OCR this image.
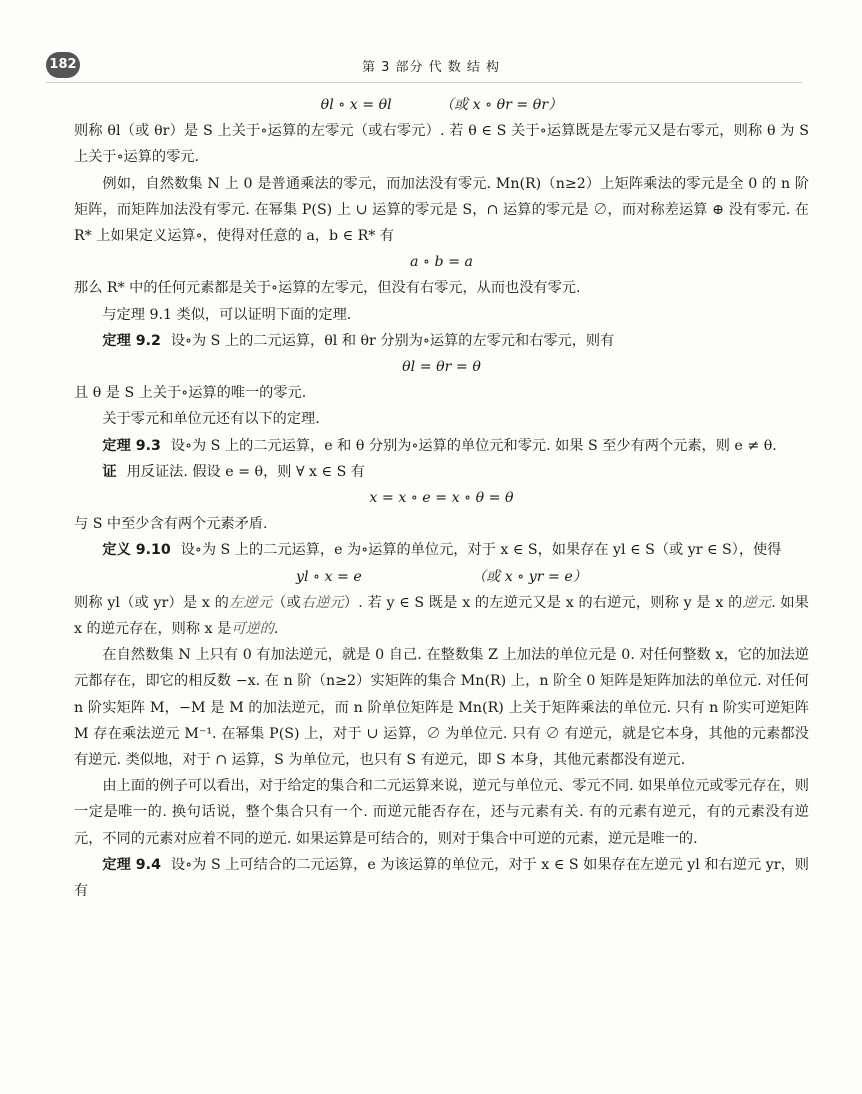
182	第 3 部分 代 数 结 构

θl ∘ x = θl	（或 x ∘ θr = θr）

则称 θl（或 θr）是 S 上关于∘运算的左零元（或右零元）. 若 θ ∈ S 关于∘运算既是左零元又是右零元，则称 θ 为 S 上关于∘运算的零元.

例如，自然数集 N 上 0 是普通乘法的零元，而加法没有零元. Mn(R)（n≥2）上矩阵乘法的零元是全 0 的 n 阶矩阵，而矩阵加法没有零元. 在幂集 P(S) 上 ∪ 运算的零元是 S，∩ 运算的零元是 ∅，而对称差运算 ⊕ 没有零元. 在 R* 上如果定义运算∘，使得对任意的 a，b ∈ R* 有

a ∘ b = a

那么 R* 中的任何元素都是关于∘运算的左零元，但没有右零元，从而也没有零元.

与定理 9.1 类似，可以证明下面的定理.

定理 9.2 设∘为 S 上的二元运算，θl 和 θr 分别为∘运算的左零元和右零元，则有

θl = θr = θ

且 θ 是 S 上关于∘运算的唯一的零元.

关于零元和单位元还有以下的定理.

定理 9.3 设∘为 S 上的二元运算，e 和 θ 分别为∘运算的单位元和零元. 如果 S 至少有两个元素，则 e ≠ θ.

证 用反证法. 假设 e = θ，则 ∀ x ∈ S 有

x = x ∘ e = x ∘ θ = θ

与 S 中至少含有两个元素矛盾.

定义 9.10 设∘为 S 上的二元运算，e 为∘运算的单位元，对于 x ∈ S，如果存在 yl ∈ S（或 yr ∈ S），使得

yl ∘ x = e	（或 x ∘ yr = e）

则称 yl（或 yr）是 x 的左逆元（或右逆元）. 若 y ∈ S 既是 x 的左逆元又是 x 的右逆元，则称 y 是 x 的逆元. 如果 x 的逆元存在，则称 x 是可逆的.

在自然数集 N 上只有 0 有加法逆元，就是 0 自己. 在整数集 Z 上加法的单位元是 0. 对任何整数 x，它的加法逆元都存在，即它的相反数 −x. 在 n 阶（n≥2）实矩阵的集合 Mn(R) 上，n 阶全 0 矩阵是矩阵加法的单位元. 对任何 n 阶实矩阵 M，−M 是 M 的加法逆元，而 n 阶单位矩阵是 Mn(R) 上关于矩阵乘法的单位元. 只有 n 阶实可逆矩阵 M 存在乘法逆元 M⁻¹. 在幂集 P(S) 上，对于 ∪ 运算，∅ 为单位元. 只有 ∅ 有逆元，就是它本身，其他的元素都没有逆元. 类似地，对于 ∩ 运算，S 为单位元，也只有 S 有逆元，即 S 本身，其他元素都没有逆元.

由上面的例子可以看出，对于给定的集合和二元运算来说，逆元与单位元、零元不同. 如果单位元或零元存在，则一定是唯一的. 换句话说，整个集合只有一个. 而逆元能否存在，还与元素有关. 有的元素有逆元，有的元素没有逆元，不同的元素对应着不同的逆元. 如果运算是可结合的，则对于集合中可逆的元素，逆元是唯一的.

定理 9.4 设∘为 S 上可结合的二元运算，e 为该运算的单位元，对于 x ∈ S 如果存在左逆元 yl 和右逆元 yr，则有
